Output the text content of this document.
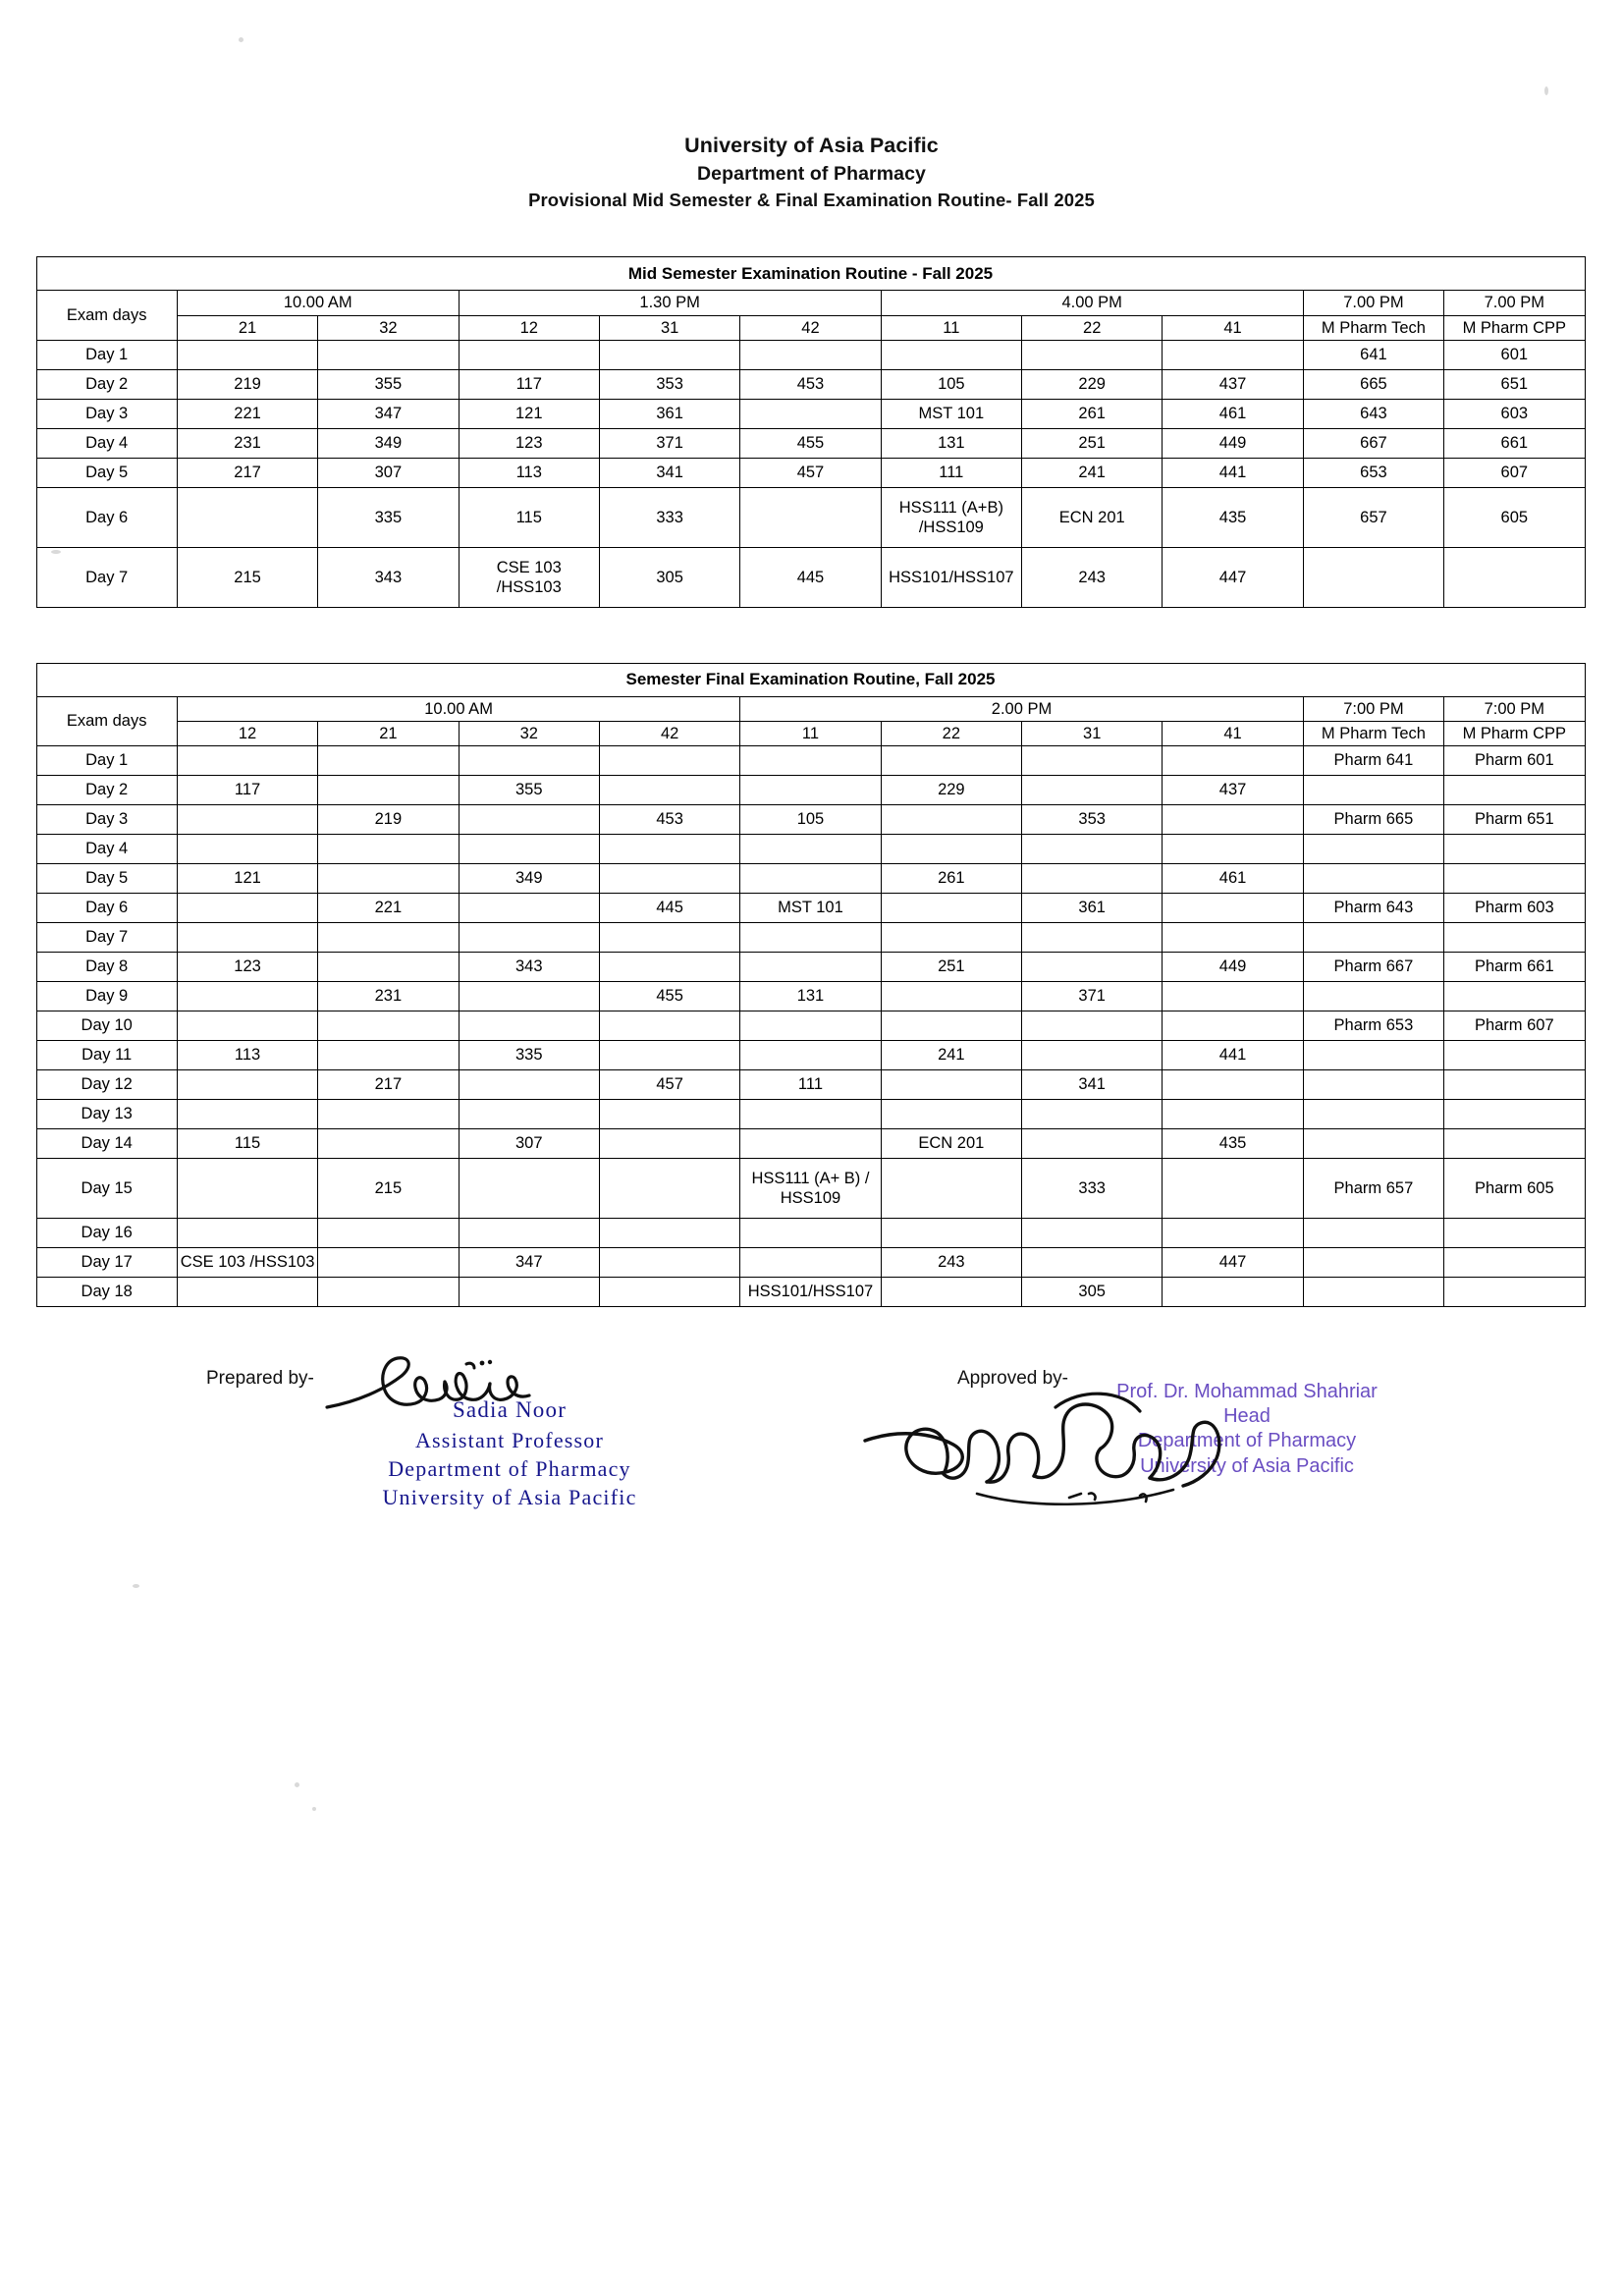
University of Asia Pacific
Department of Pharmacy
Provisional Mid Semester & Final Examination Routine- Fall 2025
Mid Semester Examination Routine - Fall 2025										
Exam days	10.00 AM		1.30 PM			4.00 PM			7.00 PM	7.00 PM
	21	32	12	31	42	11	22	41	M Pharm Tech	M Pharm CPP
Day 1									641	601
Day 2	219	355	117	353	453	105	229	437	665	651
Day 3	221	347	121	361		MST 101	261	461	643	603
Day 4	231	349	123	371	455	131	251	449	667	661
Day 5	217	307	113	341	457	111	241	441	653	607
Day 6		335	115	333		HSS111 (A+B)
/HSS109	ECN 201	435	657	605
Day 7	215	343	CSE 103
/HSS103	305	445	HSS101/HSS107	243	447		
Semester Final Examination Routine, Fall 2025										
Exam days	10.00 AM				2.00 PM				7:00 PM	7:00 PM
	12	21	32	42	11	22	31	41	M Pharm Tech	M Pharm CPP
Day 1									Pharm 641	Pharm 601
Day 2	117		355			229		437		
Day 3		219		453	105		353		Pharm 665	Pharm 651
Day 4										
Day 5	121		349			261		461		
Day 6		221		445	MST 101		361		Pharm 643	Pharm 603
Day 7										
Day 8	123		343			251		449	Pharm 667	Pharm 661
Day 9		231		455	131		371			
Day 10									Pharm 653	Pharm 607
Day 11	113		335			241		441		
Day 12		217		457	111		341			
Day 13										
Day 14	115		307			ECN 201		435		
Day 15		215			HSS111 (A+ B) /
HSS109		333		Pharm 657	Pharm 605
Day 16										
Day 17	CSE 103 /HSS103		347			243		447		
Day 18					HSS101/HSS107		305			
Prepared by-
Sadia Noor
Assistant Professor
Department of Pharmacy
University of Asia Pacific
Approved by-
Prof. Dr. Mohammad Shahriar
Head
Department of Pharmacy
University of Asia Pacific
